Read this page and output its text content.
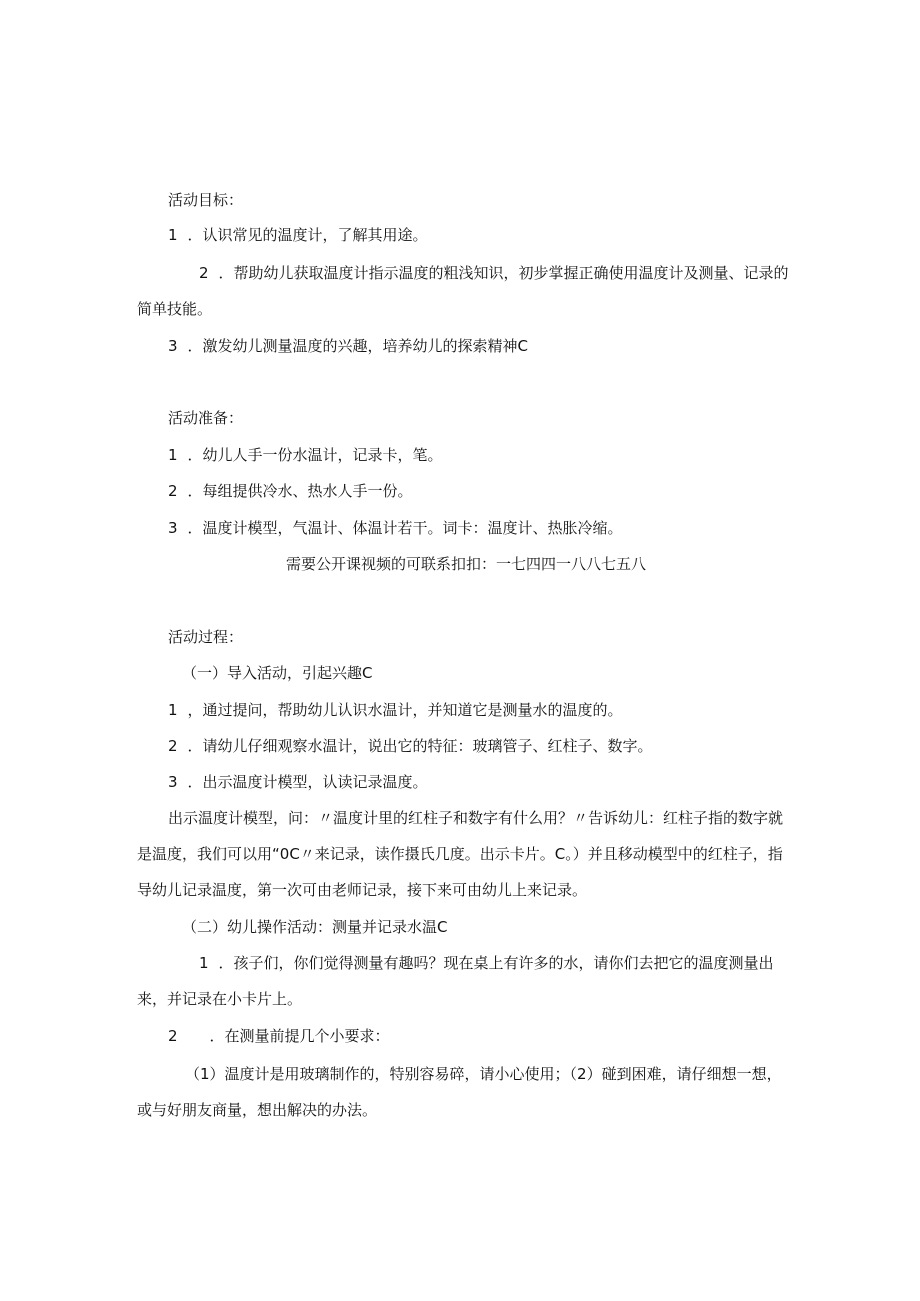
活动目标：
1 ．认识常见的温度计，了解其用途。
2 ．帮助幼儿获取温度计指示温度的粗浅知识，初步掌握正确使用温度计及测量、记录的简单技能。
3 ．激发幼儿测量温度的兴趣，培养幼儿的探索精神C
活动准备：
1 ．幼儿人手一份水温计，记录卡，笔。
2 ．每组提供冷水、热水人手一份。
3 ．温度计模型，气温计、体温计若干。词卡：温度计、热胀冷缩。
需要公开课视频的可联系扣扣：一七四四一八八七五八
活动过程：
（一）导入活动，引起兴趣C
1 ，通过提问，帮助幼儿认识水温计，并知道它是测量水的温度的。
2 ．请幼儿仔细观察水温计，说出它的特征：玻璃管子、红柱子、数字。
3 ．出示温度计模型，认读记录温度。
出示温度计模型，问：〃温度计里的红柱子和数字有什么用？〃告诉幼儿：红柱子指的数字就是温度，我们可以用“0C〃来记录，读作摄氏几度。出示卡片。C。）并且移动模型中的红柱子，指导幼儿记录温度，第一次可由老师记录，接下来可由幼儿上来记录。
（二）幼儿操作活动：测量并记录水温C
1 ．孩子们，你们觉得测量有趣吗？现在桌上有许多的水，请你们去把它的温度测量出来，并记录在小卡片上。
2 ．在测量前提几个小要求：
（1）温度计是用玻璃制作的，特别容易碎，请小心使用；（2）碰到困难，请仔细想一想，或与好朋友商量，想出解决的办法。
